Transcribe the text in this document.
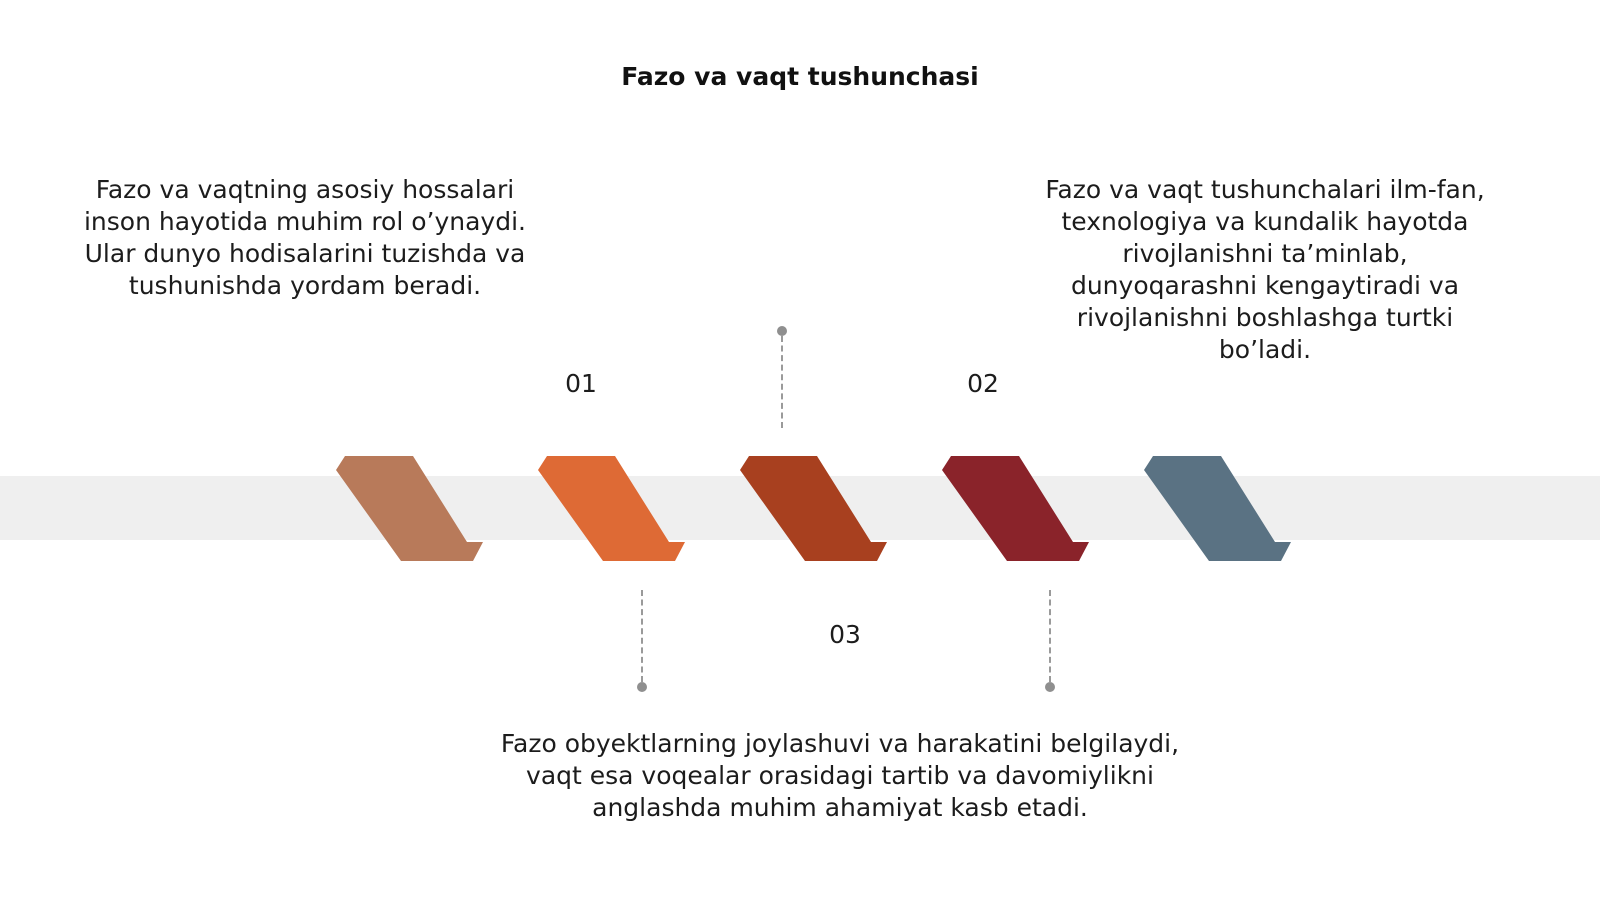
Fazo va vaqt tushunchasi
01	02
03
Fazo va vaqtning asosiy hossalari
inson hayotida muhim rol o’ynaydi.
Ular dunyo hodisalarini tuzishda va
tushunishda yordam beradi.
Fazo va vaqt tushunchalari ilm-fan,
texnologiya va kundalik hayotda
rivojlanishni ta’minlab,
dunyoqarashni kengaytiradi va
rivojlanishni boshlashga turtki
bo’ladi.
Fazo obyektlarning joylashuvi va harakatini belgilaydi,
vaqt esa voqealar orasidagi tartib va davomiylikni
anglashda muhim ahamiyat kasb etadi.
